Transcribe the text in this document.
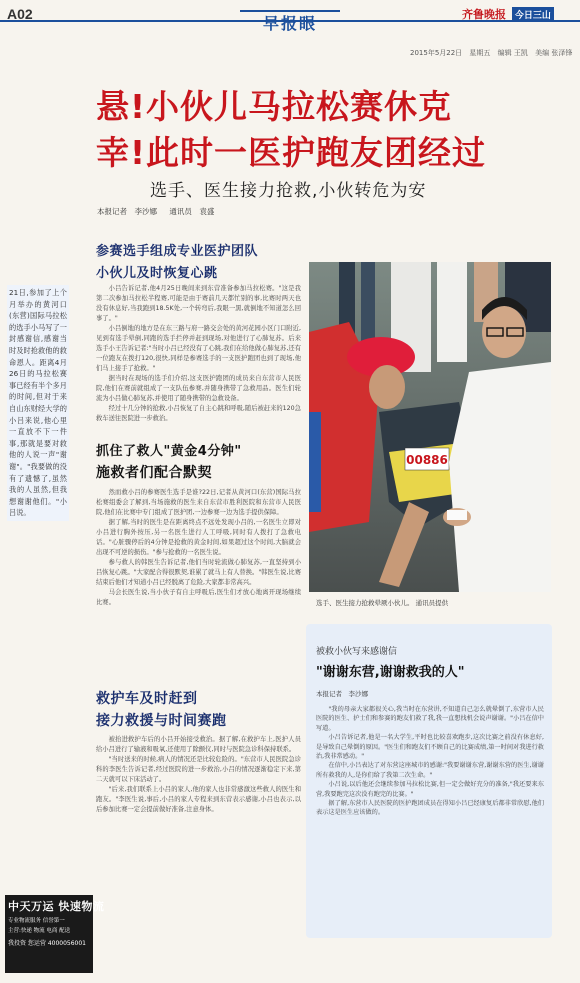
A02	早报眼	齐鲁晚报 今日三山
2015年5月22日 星期五 编辑 王凯 美编 张泽锋
悬!小伙儿马拉松赛休克
幸!此时一医护跑友团经过
选手、医生接力抢救,小伙转危为安
本报记者　李沙娜 通讯员　袁盛
21日,参加了上个月举办的黄河口(东营)国际马拉松的选手小马写了一封感谢信,感谢当时及时抢救他的救命恩人。距离4月26日的马拉松赛事已经有半个多月的时间,但对于来自山东财经大学的小吕来说,他心里一直放不下一件事,那就是要对救他的人说一声"谢谢"。"我要做的没有了遗憾了,虽然我的人虽然,但我想谢谢他们。"小吕说。
参赛选手组成专业医护团队
小伙儿及时恢复心跳

小吕告诉记者,他4月25日晚间来到东营准备参加马拉松赛。"这是我第二次参加马拉松半程赛,可能是由于赛前几天都忙别的事,比赛时两天也没有休息好,当我跑到18.5K处,一个转弯后,我眼一黑,就倒地不知道怎么回事了。"

小吕倒地的地方是在东三路与府一路交会处的黄河花园小区门口附近,见到有选手晕倒,同跑的选手拦停并赶到现场,对他进行了心肺复苏。后来选手小王告诉记者:"当时小吕已经没有了心跳,我们在给他做心肺复苏,还有一位跑友在拨打120,很快,同样是参赛选手的一支医护跑团也到了现场,他们马上接手了抢救。"

据当时在现场的选手们介绍,这支医护跑团的成员来自东营市人民医院,他们在赛前就组成了一支队伍参赛,并随身携带了急救用品。医生们轮流为小吕做心肺复苏,并使用了随身携带的急救设备。

经过十几分钟的抢救,小吕恢复了自主心跳和呼吸,随后被赶来的120急救车送往医院进一步救治。

抓住了救人"黄金4分钟"
施救者们配合默契

然而救小吕的参赛医生选手是谁?22日,记者从黄河口(东营)国际马拉松赛组委会了解到,当场施救的医生来自东营市胜利医院和东营市人民医院,他们在比赛中专门组成了医护团,一边参赛一边为选手提供保障。

据了解,当时的医生是在距离终点不远处发现小吕的,一名医生立即对小吕进行胸外按压,另一名医生进行人工呼吸,同时有人拨打了急救电话。"心脏骤停后的4分钟是抢救的黄金时间,如果超过这个时间,大脑就会出现不可逆的损伤。"参与抢救的一名医生说。

参与救人的韩医生告诉记者,他们当时轮流做心肺复苏,一直坚持到小吕恢复心跳。"大家配合得很默契,谁累了就马上有人替换。"韩医生说,比赛结束后他们才知道小吕已经脱离了危险,大家都非常高兴。

马会长医生说,当小伙子有自主呼吸后,医生们才放心地离开现场继续比赛。

救护车及时赶到
接力救援与时间赛跑

被抬进救护车后的小吕开始接受救治。据了解,在救护车上,医护人员给小吕进行了输液和吸氧,还使用了除颤仪,同时与医院急诊科保持联系。

"当时送来的时候,病人的情况还是比较危险的。"东营市人民医院急诊科的李医生告诉记者,经过医院的进一步救治,小吕的情况逐渐稳定下来,第二天就可以下床活动了。

"后来,我们联系上小吕的家人,他的家人也非常感激这些救人的医生和跑友。"李医生说,事后,小吕的家人专程来到东营表示感谢,小吕也表示,以后参加比赛一定会提前做好准备,注意身体。

00886
选手、医生接力抢救晕厥小伙儿。 通讯员提供
被救小伙写来感谢信
"谢谢东营,谢谢救我的人"
本报记者　李沙娜

"我的母亲大家都很关心,我当时在东营讲,不知道自己怎么就晕倒了,东营市人民医院的医生、护士们和参赛的跑友们救了我,我一直想找机会说声谢谢。"小吕在信中写道。

小吕告诉记者,他是一名大学生,平时也比较喜欢跑步,这次比赛之前没有休息好,是导致自己晕倒的原因。"医生们和跑友们不顾自己的比赛成绩,第一时间对我进行救治,我非常感动。"

在信中,小吕表达了对东营这座城市的感谢:"我要谢谢东营,谢谢东营的医生,谢谢所有救我的人,是你们给了我第二次生命。"

小吕说,以后他还会继续参加马拉松比赛,但一定会做好充分的准备,"我还要来东营,我要跑完这次没有跑完的比赛。"

据了解,东营市人民医院的医护跑团成员在得知小吕已经康复后都非常欣慰,他们表示这是医生应该做的。

中天万运 快速物流
专业物流服务 信誉第一
主营:快递 物流 电商 配送
我投资 您运营 4000056001
